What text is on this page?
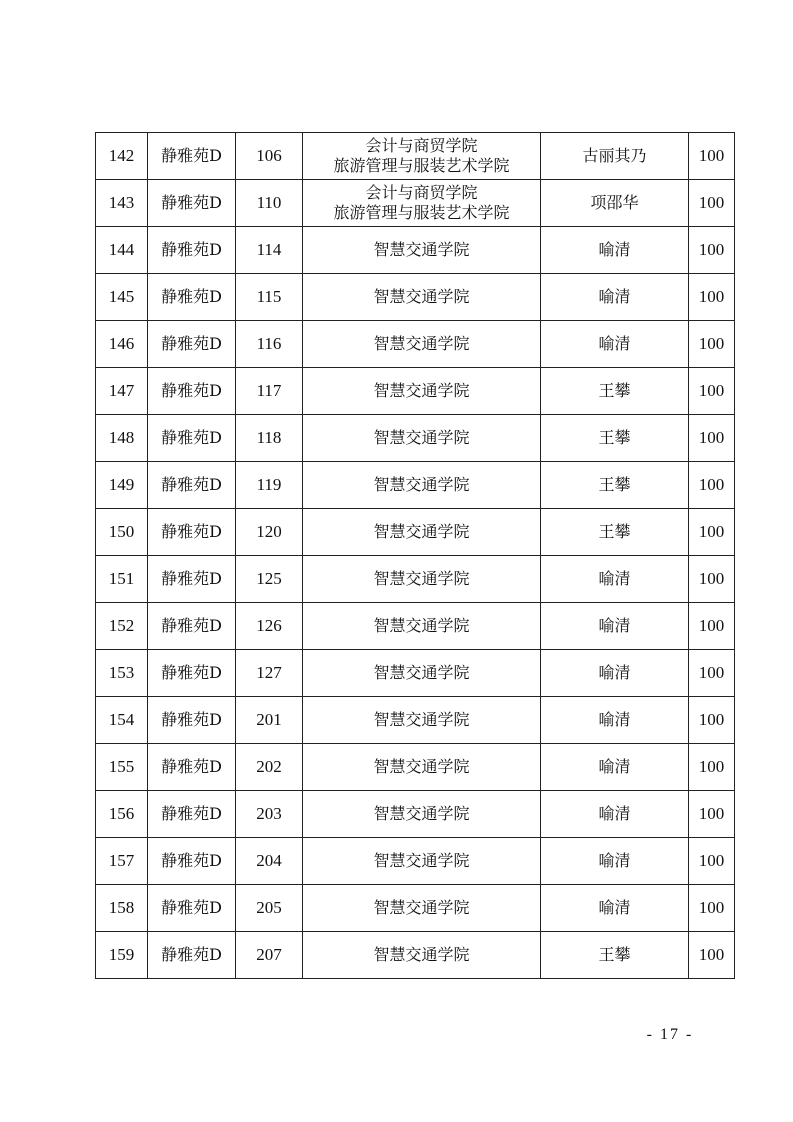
142	静雅苑D	106	会计与商贸学院
旅游管理与服装艺术学院	古丽其乃	100
143	静雅苑D	110	会计与商贸学院
旅游管理与服装艺术学院	项邵华	100
144	静雅苑D	114	智慧交通学院	喻清	100
145	静雅苑D	115	智慧交通学院	喻清	100
146	静雅苑D	116	智慧交通学院	喻清	100
147	静雅苑D	117	智慧交通学院	王攀	100
148	静雅苑D	118	智慧交通学院	王攀	100
149	静雅苑D	119	智慧交通学院	王攀	100
150	静雅苑D	120	智慧交通学院	王攀	100
151	静雅苑D	125	智慧交通学院	喻清	100
152	静雅苑D	126	智慧交通学院	喻清	100
153	静雅苑D	127	智慧交通学院	喻清	100
154	静雅苑D	201	智慧交通学院	喻清	100
155	静雅苑D	202	智慧交通学院	喻清	100
156	静雅苑D	203	智慧交通学院	喻清	100
157	静雅苑D	204	智慧交通学院	喻清	100
158	静雅苑D	205	智慧交通学院	喻清	100
159	静雅苑D	207	智慧交通学院	王攀	100
- 17 -
